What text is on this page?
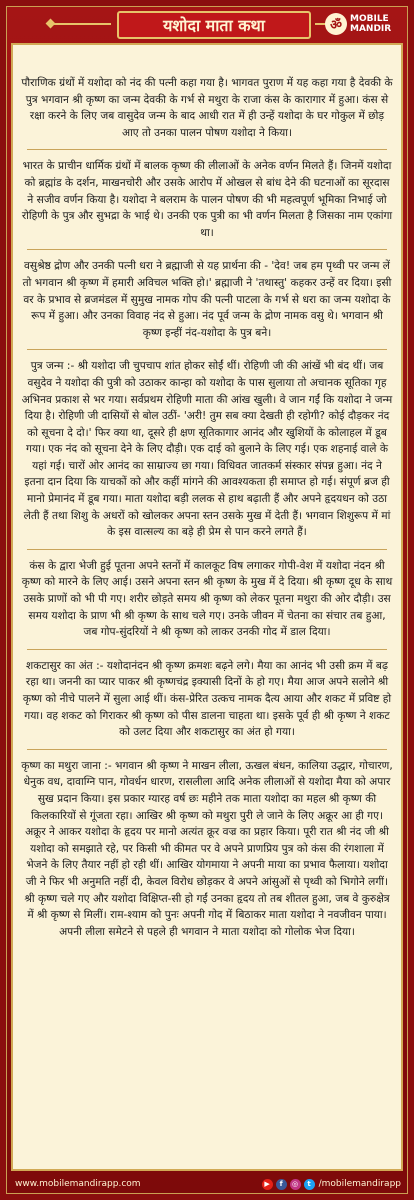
यशोदा माता कथा	ॐ MOBILE
MANDIR

पौराणिक ग्रंथों में यशोदा को नंद की पत्नी कहा गया है। भागवत पुराण में यह कहा गया है देवकी के पुत्र भगवान श्री कृष्ण का जन्म देवकी के गर्भ से मथुरा के राजा कंस के कारागार में हुआ। कंस से रक्षा करने के लिए जब वासुदेव जन्म के बाद आधी रात में ही उन्हें यशोदा के घर गोकुल में छोड़ आए तो उनका पालन पोषण यशोदा ने किया।

भारत के प्राचीन धार्मिक ग्रंथों में बालक कृष्ण की लीलाओं के अनेक वर्णन मिलते हैं। जिनमें यशोदा को ब्रह्मांड के दर्शन, माखनचोरी और उसके आरोप में ओखल से बांध देने की घटनाओं का सूरदास ने सजीव वर्णन किया है। यशोदा ने बलराम के पालन पोषण की भी महत्वपूर्ण भूमिका निभाई जो रोहिणी के पुत्र और सुभद्रा के भाई थे। उनकी एक पुत्री का भी वर्णन मिलता है जिसका नाम एकांगा था।

वसुश्रेष्ठ द्रोण और उनकी पत्नी धरा ने ब्रह्माजी से यह प्रार्थना की - 'देव! जब हम पृथ्वी पर जन्म लें तो भगवान श्री कृष्ण में हमारी अविचल भक्ति हो।' ब्रह्माजी ने 'तथास्तु' कहकर उन्हें वर दिया। इसी वर के प्रभाव से ब्रजमंडल में सुमुख नामक गोप की पत्नी पाटला के गर्भ से धरा का जन्म यशोदा के रूप में हुआ। और उनका विवाह नंद से हुआ। नंद पूर्व जन्म के द्रोण नामक वसु थे। भगवान श्री कृष्ण इन्हीं नंद-यशोदा के पुत्र बने।

पुत्र जन्म :- श्री यशोदा जी चुपचाप शांत होकर सोईं थीं। रोहिणी जी की आंखें भी बंद थीं। जब वसुदेव ने यशोदा की पुत्री को उठाकर कान्हा को यशोदा के पास सुलाया तो अचानक सूतिका गृह अभिनव प्रकाश से भर गया। सर्वप्रथम रोहिणी माता की आंख खुली। वे जान गईं कि यशोदा ने जन्म दिया है। रोहिणी जी दासियों से बोल उठीं- 'अरी! तुम सब क्या देखती ही रहोगी? कोई दौड़कर नंद को सूचना दे दो।' फिर क्या था, दूसरे ही क्षण सूतिकागार आनंद और खुशियों के कोलाहल में डूब गया। एक नंद को सूचना देने के लिए दौड़ी। एक दाई को बुलाने के लिए गई। एक शहनाई वाले के यहां गई। चारों ओर आनंद का साम्राज्य छा गया। विधिवत जातकर्म संस्कार संपन्न हुआ। नंद ने इतना दान दिया कि याचकों को और कहीं मांगने की आवश्यकता ही समाप्त हो गई। संपूर्ण ब्रज ही मानो प्रेमानंद में डूब गया। माता यशोदा बड़ी ललक से हाथ बढ़ाती हैं और अपने हृदयधन को उठा लेती हैं तथा शिशु के अधरों को खोलकर अपना स्तन उसके मुख में देती हैं। भगवान शिशुरूप में मां के इस वात्सल्य का बड़े ही प्रेम से पान करने लगते हैं।

कंस के द्वारा भेजी हुई पूतना अपने स्तनों में कालकूट विष लगाकर गोपी-वेश में यशोदा नंदन श्री कृष्ण को मारने के लिए आई। उसने अपना स्तन श्री कृष्ण के मुख में दे दिया। श्री कृष्ण दूध के साथ उसके प्राणों को भी पी गए। शरीर छोड़ते समय श्री कृष्ण को लेकर पूतना मथुरा की ओर दौड़ी। उस समय यशोदा के प्राण भी श्री कृष्ण के साथ चले गए। उनके जीवन में चेतना का संचार तब हुआ, जब गोप-सुंदरियों ने श्री कृष्ण को लाकर उनकी गोद में डाल दिया।

शकटासुर का अंत :- यशोदानंदन श्री कृष्ण क्रमशः बढ़ने लगे। मैया का आनंद भी उसी क्रम में बढ़ रहा था। जननी का प्यार पाकर श्री कृष्णचंद्र इक्यासी दिनों के हो गए। मैया आज अपने सलोने श्री कृष्ण को नीचे पालने में सुला आई थीं। कंस-प्रेरित उत्कच नामक दैत्य आया और शकट में प्रविष्ट हो गया। वह शकट को गिराकर श्री कृष्ण को पीस डालना चाहता था। इसके पूर्व ही श्री कृष्ण ने शकट को उलट दिया और शकटासुर का अंत हो गया।

कृष्ण का मथुरा जाना :- भगवान श्री कृष्ण ने माखन लीला, ऊखल बंधन, कालिया उद्धार, गोचारण, धेनुक वध, दावाग्नि पान, गोवर्धन धारण, रासलीला आदि अनेक लीलाओं से यशोदा मैया को अपार सुख प्रदान किया। इस प्रकार ग्यारह वर्ष छः महीने तक माता यशोदा का महल श्री कृष्ण की किलकारियों से गूंजता रहा। आखिर श्री कृष्ण को मथुरा पुरी ले जाने के लिए अक्रूर आ ही गए। अक्रूर ने आकर यशोदा के हृदय पर मानो अत्यंत क्रूर वज्र का प्रहार किया। पूरी रात श्री नंद जी श्री यशोदा को समझाते रहे, पर किसी भी कीमत पर वे अपने प्राणप्रिय पुत्र को कंस की रंगशाला में भेजने के लिए तैयार नहीं हो रही थीं। आखिर योगमाया ने अपनी माया का प्रभाव फैलाया। यशोदा जी ने फिर भी अनुमति नहीं दी, केवल विरोध छोड़कर वे अपने आंसुओं से पृथ्वी को भिगोने लगीं। श्री कृष्ण चले गए और यशोदा विक्षिप्त-सी हो गईं उनका हृदय तो तब शीतल हुआ, जब वे कुरुक्षेत्र में श्री कृष्ण से मिलीं। राम-श्याम को पुनः अपनी गोद में बिठाकर माता यशोदा ने नवजीवन पाया। अपनी लीला समेटने से पहले ही भगवान ने माता यशोदा को गोलोक भेज दिया।

www.mobilemandirapp.com	▶	f	◎	t /mobilemandirapp
